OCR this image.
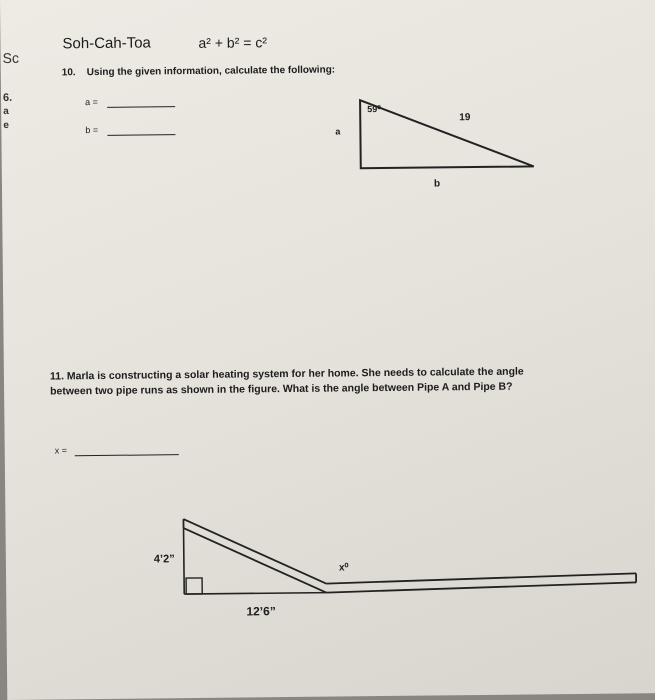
Sc
6.
a
e
Soh-Cah-Toa	a² + b² = c²
10. Using the given information, calculate the following:
a =
b =
59⁰
19
a
b
11. Marla is constructing a solar heating system for her home. She needs to calculate the angle
between two pipe runs as shown in the figure. What is the angle between Pipe A and Pipe B?
x =
4’2”
12’6”
x⁰
